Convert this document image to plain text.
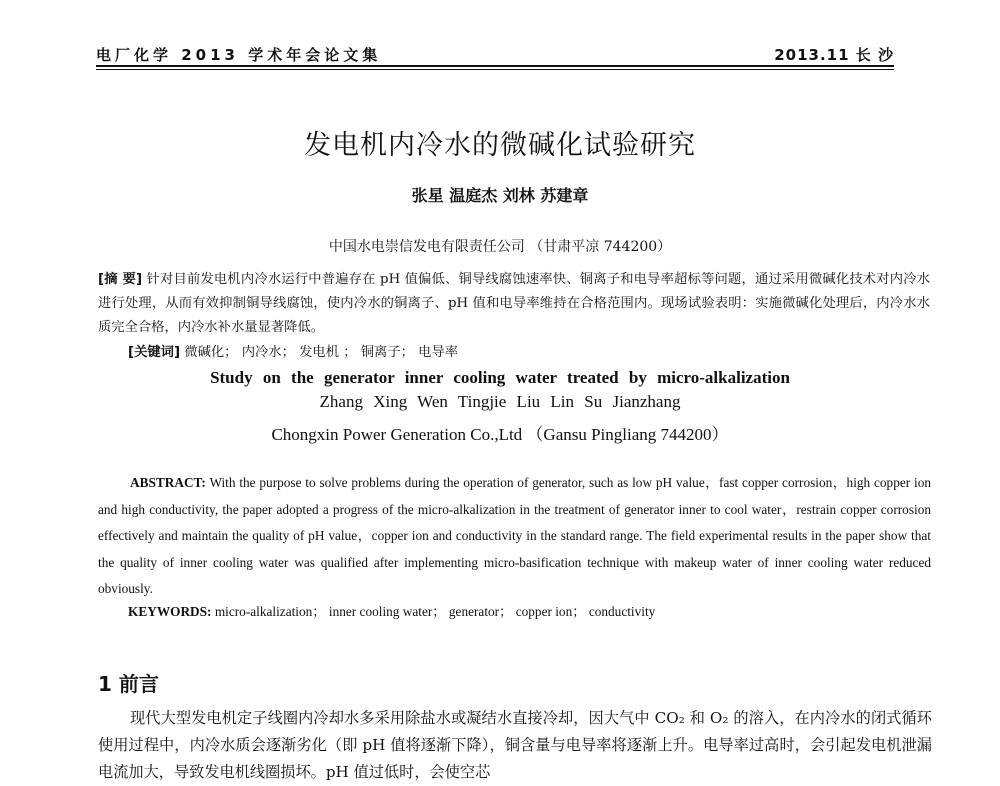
电厂化学 2013 学术年会论文集	2013.11 长 沙
发电机内冷水的微碱化试验研究
张星 温庭杰 刘林 苏建章
中国水电崇信发电有限责任公司 （甘肃平凉 744200）
[摘 要] 针对目前发电机内冷水运行中普遍存在 pH 值偏低、铜导线腐蚀速率快、铜离子和电导率超标等问题，通过采用微碱化技术对内冷水进行处理，从而有效抑制铜导线腐蚀，使内冷水的铜离子、pH 值和电导率维持在合格范围内。现场试验表明：实施微碱化处理后，内冷水水质完全合格，内冷水补水量显著降低。
[关键词] 微碱化； 内冷水； 发电机 ； 铜离子； 电导率
Study on the generator inner cooling water treated by micro-alkalization
Zhang Xing Wen Tingjie Liu Lin Su Jianzhang
Chongxin Power Generation Co.,Ltd （Gansu Pingliang 744200）
ABSTRACT: With the purpose to solve problems during the operation of generator, such as low pH value，fast copper corrosion，high copper ion and high conductivity, the paper adopted a progress of the micro-alkalization in the treatment of generator inner to cool water，restrain copper corrosion effectively and maintain the quality of pH value，copper ion and conductivity in the standard range. The field experimental results in the paper show that the quality of inner cooling water was qualified after implementing micro-basification technique with makeup water of inner cooling water reduced obviously.
KEYWORDS: micro-alkalization； inner cooling water； generator； copper ion； conductivity
1 前言
现代大型发电机定子线圈内冷却水多采用除盐水或凝结水直接冷却，因大气中 CO₂ 和 O₂ 的溶入，在内冷水的闭式循环使用过程中，内冷水质会逐渐劣化（即 pH 值将逐渐下降），铜含量与电导率将逐渐上升。电导率过高时，会引起发电机泄漏电流加大，导致发电机线圈损坏。pH 值过低时，会使空芯
